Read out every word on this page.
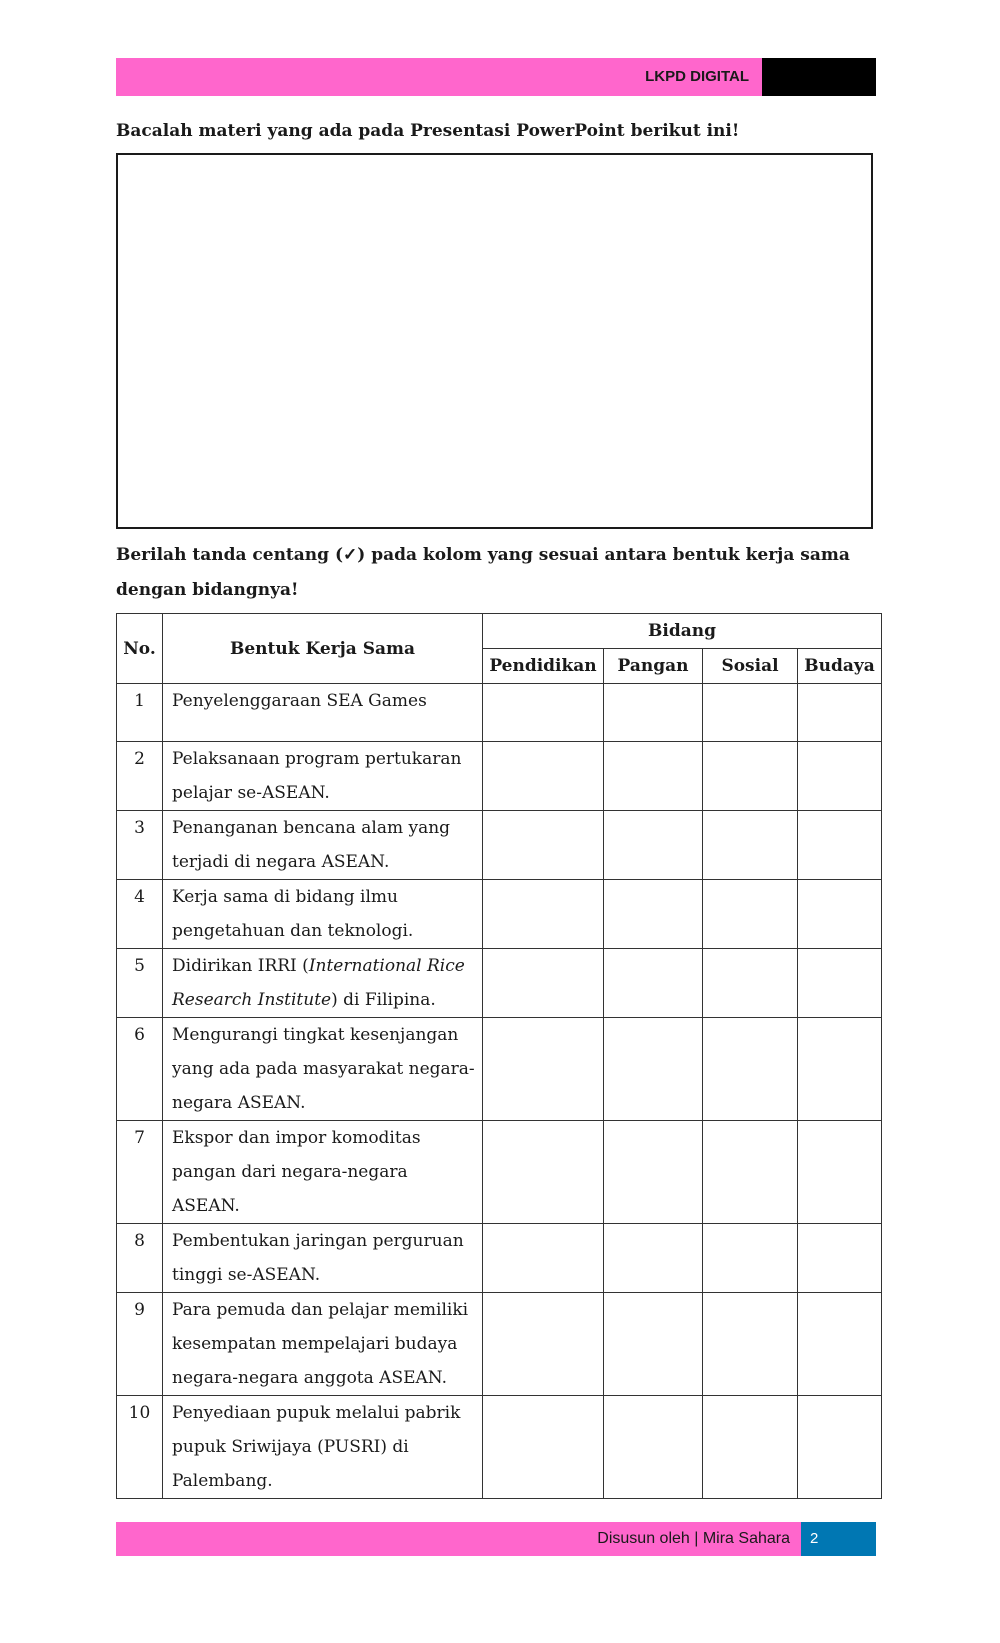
LKPD DIGITAL
Bacalah materi yang ada pada Presentasi PowerPoint berikut ini!
Berilah tanda centang (✓) pada kolom yang sesuai antara bentuk kerja sama dengan bidangnya!
No.	Bentuk Kerja Sama	Bidang			
		Pendidikan	Pangan	Sosial	Budaya
1	Penyelenggaraan SEA Games				
2	Pelaksanaan program pertukaran pelajar se-ASEAN.				
3	Penanganan bencana alam yang terjadi di negara ASEAN.				
4	Kerja sama di bidang ilmu pengetahuan dan teknologi.				
5	Didirikan IRRI (International Rice Research Institute) di Filipina.				
6	Mengurangi tingkat kesenjangan yang ada pada masyarakat negara-negara ASEAN.				
7	Ekspor dan impor komoditas pangan dari negara-negara ASEAN.				
8	Pembentukan jaringan perguruan tinggi se-ASEAN.				
9	Para pemuda dan pelajar memiliki kesempatan mempelajari budaya negara-negara anggota ASEAN.				
10	Penyediaan pupuk melalui pabrik pupuk Sriwijaya (PUSRI) di Palembang.				
Disusun oleh | Mira Sahara	2
